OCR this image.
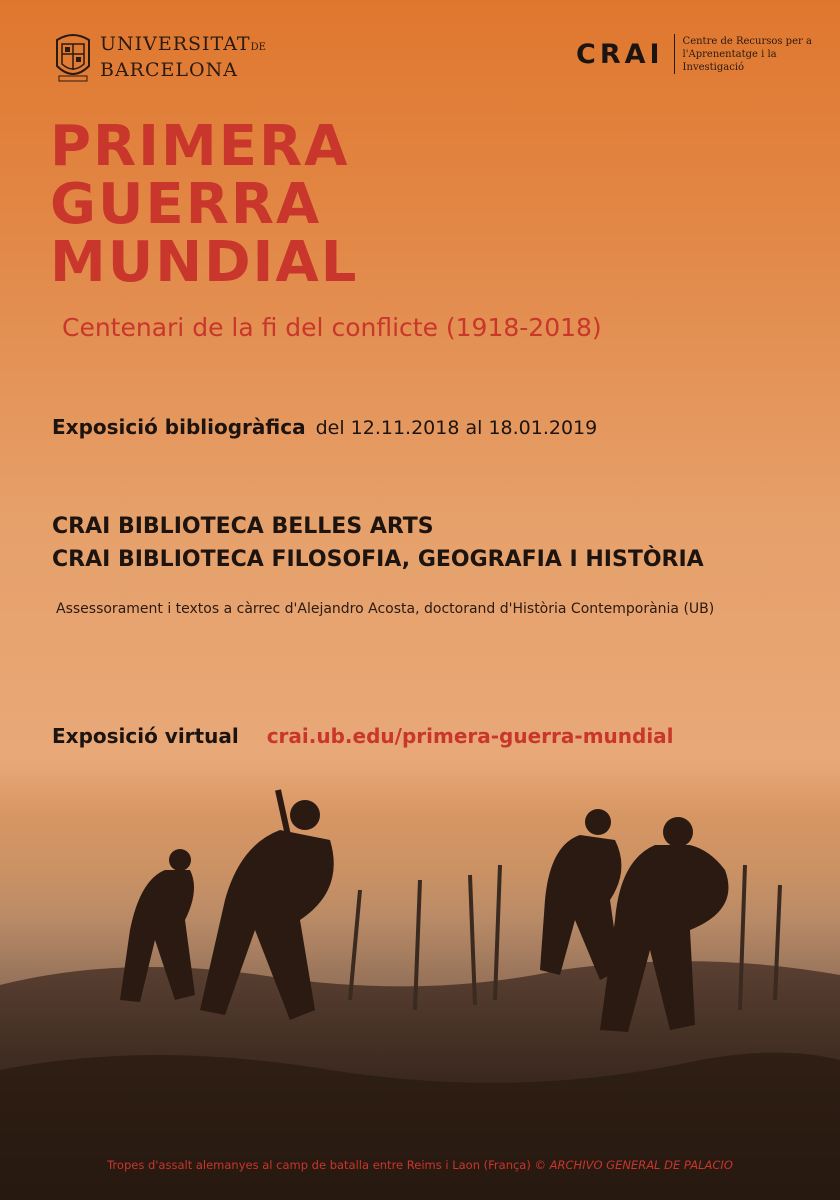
UNIVERSITATDE
BARCELONA
CRAI Centre de Recursos per a
l'Aprenentatge i la Investigació
PRIMERA
GUERRA
MUNDIAL
Centenari de la fi del conflicte (1918-2018)
Exposició bibliogràfica del 12.11.2018 al 18.01.2019
CRAI BIBLIOTECA BELLES ARTS
CRAI BIBLIOTECA FILOSOFIA, GEOGRAFIA I HISTÒRIA
Assessorament i textos a càrrec d'Alejandro Acosta, doctorand d'Història Contemporània (UB)
Exposició virtual crai.ub.edu/primera-guerra-mundial
Tropes d'assalt alemanyes al camp de batalla entre Reims i Laon (França) © ARCHIVO GENERAL DE PALACIO
